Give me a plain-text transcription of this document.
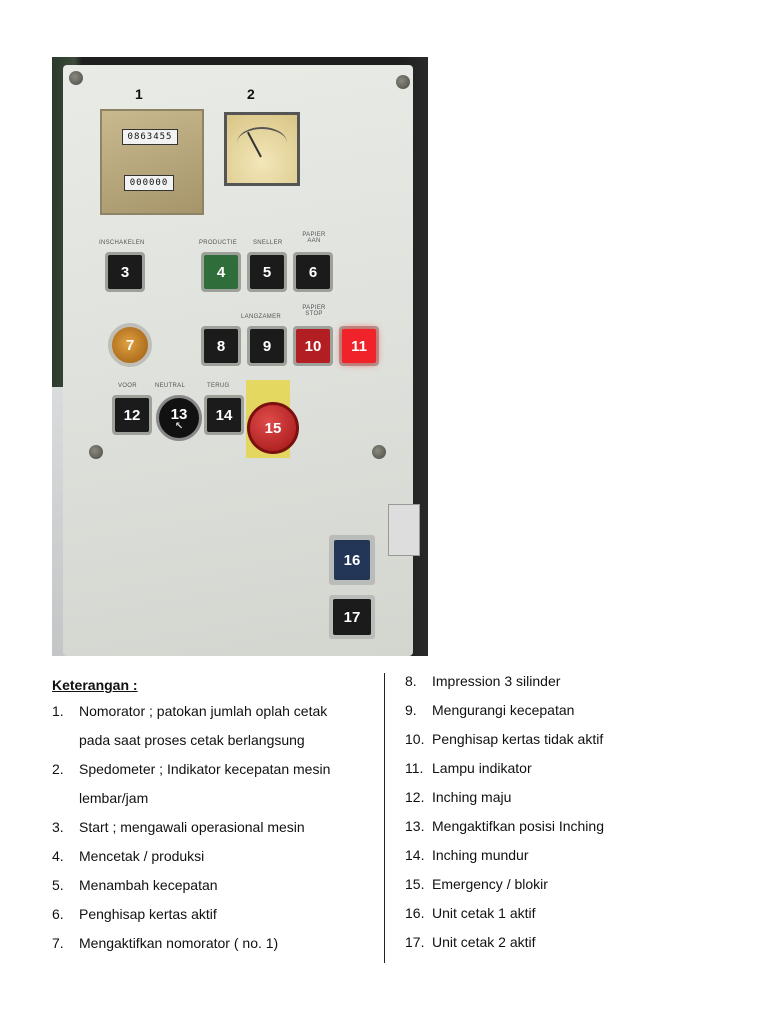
1	2
0863455
000000
INSCHAKELEN	PRODUCTIE	SNELLER
PAPIER AAN
3	4	5	6
LANGZAMER
PAPIER STOP
7	8	9	10	11
VOOR	NEUTRAL	TERUG
12	13
↖
14
15
16
17
Keterangan :
1.	Nomorator ; patokan jumlah oplah cetak
pada saat proses cetak berlangsung
2.	Spedometer ; Indikator kecepatan mesin
lembar/jam
3.	Start ; mengawali operasional mesin
4.	Mencetak / produksi
5.	Menambah kecepatan
6.	Penghisap kertas aktif
7.	Mengaktifkan nomorator ( no. 1)
8.	Impression 3 silinder
9.	Mengurangi kecepatan
10. Penghisap kertas tidak aktif
11. Lampu indikator
12. Inching maju
13. Mengaktifkan posisi Inching
14. Inching mundur
15. Emergency / blokir
16. Unit cetak 1 aktif
17. Unit cetak 2 aktif
